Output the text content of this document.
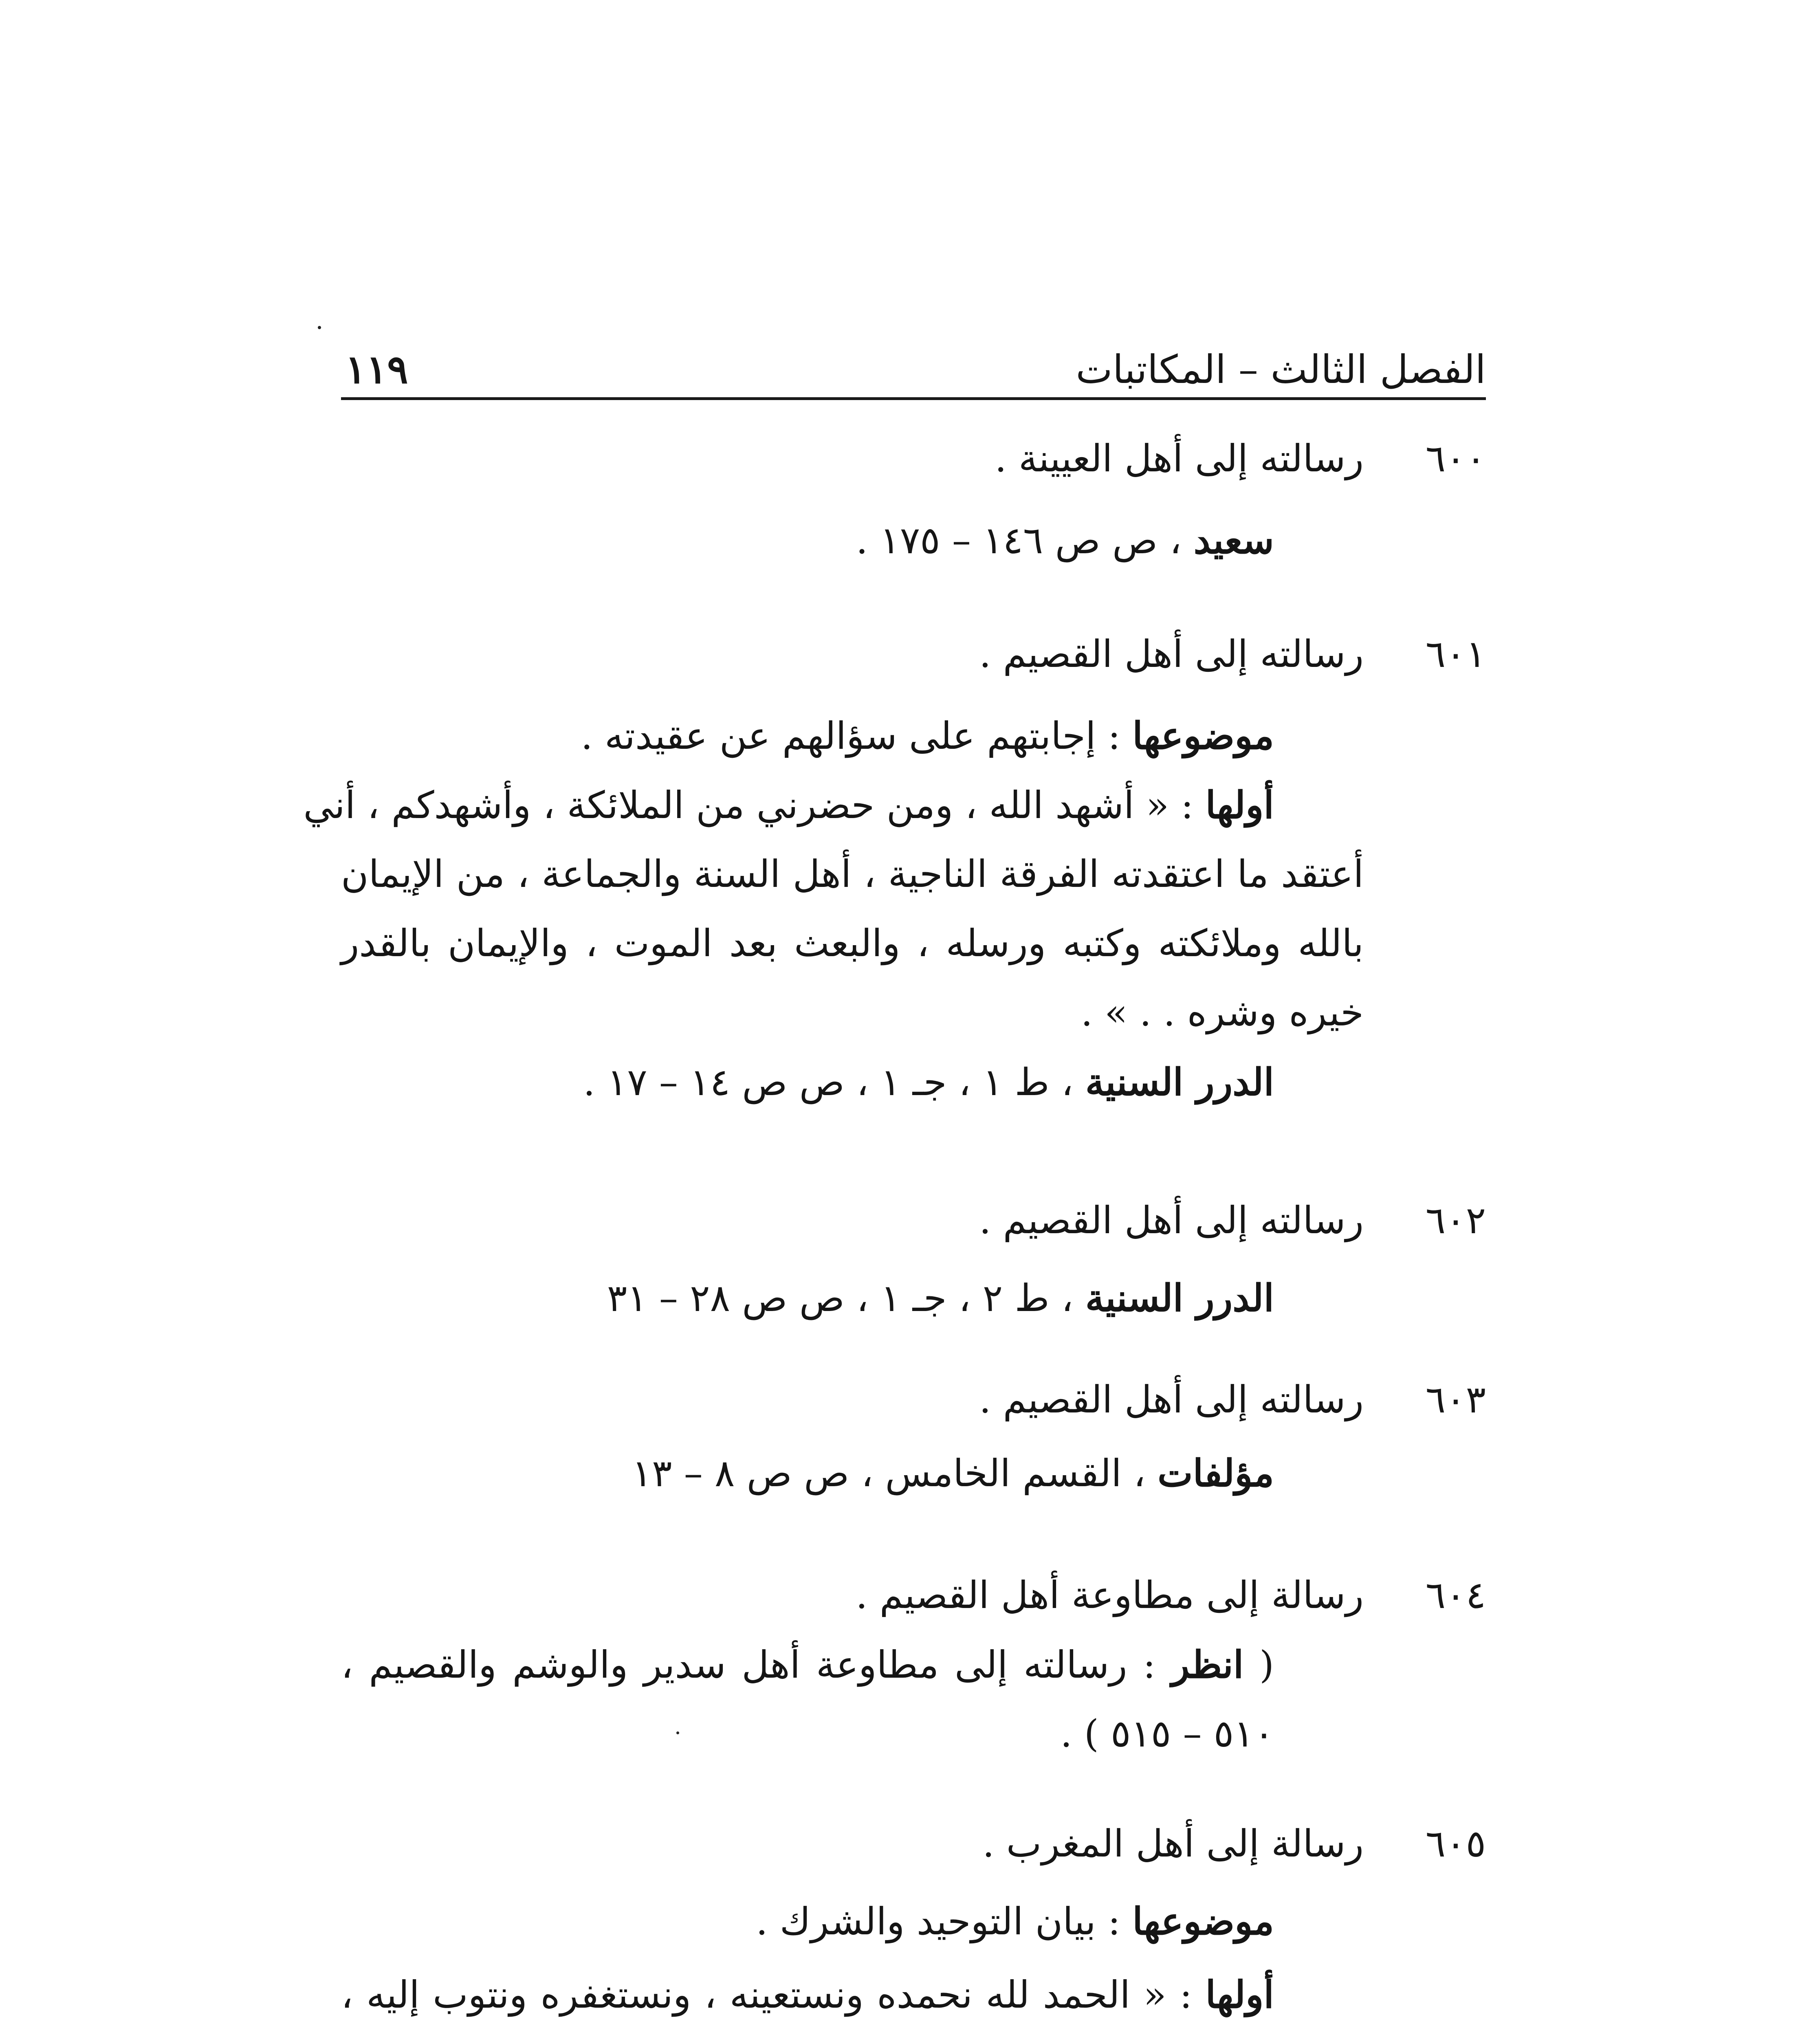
الفصل الثالث – المكاتبات
١١٩
٦٠٠
رسالته إلى أهل العيينة .
سعيد ، ص ص ١٤٦ – ١٧٥ .
٦٠١
رسالته إلى أهل القصيم .
موضوعها : إجابتهم على سؤالهم عن عقيدته .
أولها : « أشهد الله ، ومن حضرني من الملائكة ، وأشهدكم ، أني
أعتقد ما اعتقدته الفرقة الناجية ، أهل السنة والجماعة ، من الإيمان
بالله وملائكته وكتبه ورسله ، والبعث بعد الموت ، والإيمان بالقدر
خيره وشره . . » .
الدرر السنية ، ط ١ ، جـ ١ ، ص ص ١٤ – ١٧ .
٦٠٢
رسالته إلى أهل القصيم .
الدرر السنية ، ط ٢ ، جـ ١ ، ص ص ٢٨ – ٣١
٦٠٣
رسالته إلى أهل القصيم .
مؤلفات ، القسم الخامس ، ص ص ٨ – ١٣
٦٠٤
رسالة إلى مطاوعة أهل القصيم .
( انظر : رسالته إلى مطاوعة أهل سدير والوشم والقصيم ،
٥١٠ – ٥١٥ ) .
٦٠٥
رسالة إلى أهل المغرب .
موضوعها : بيان التوحيد والشرك .
أولها : « الحمد لله نحمده ونستعينه ، ونستغفره ونتوب إليه ،
